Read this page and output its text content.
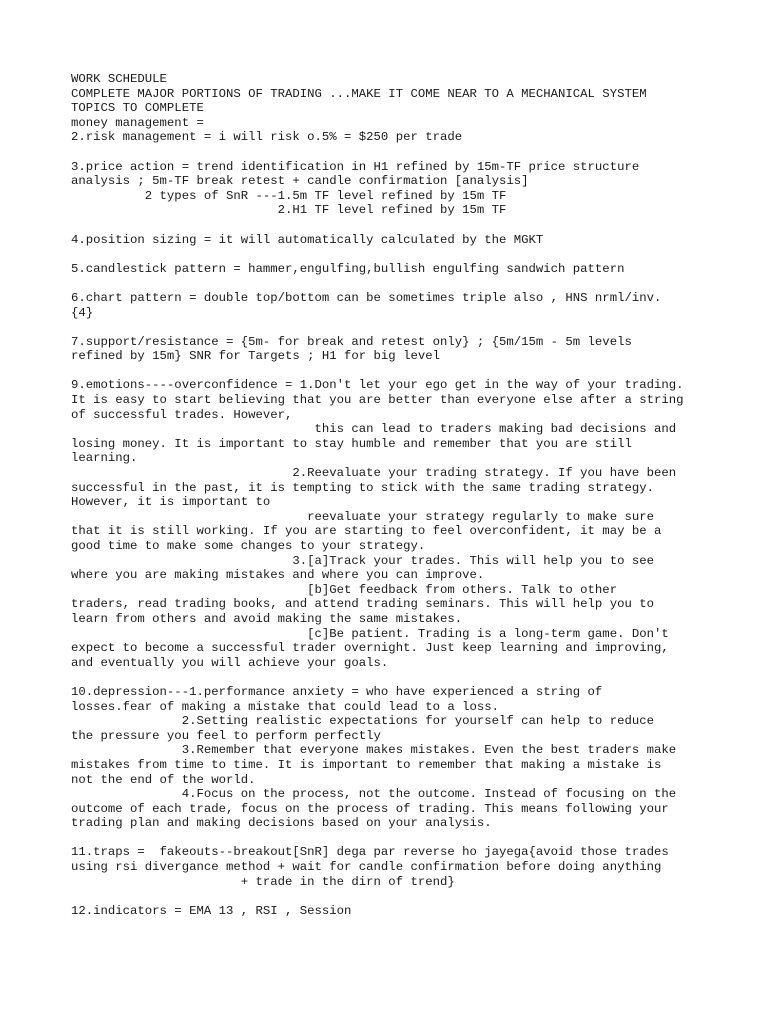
WORK SCHEDULE
COMPLETE MAJOR PORTIONS OF TRADING ...MAKE IT COME NEAR TO A MECHANICAL SYSTEM
TOPICS TO COMPLETE
money management =
2.risk management = i will risk o.5% = $250 per trade
3.price action = trend identification in H1 refined by 15m-TF price structure
analysis ; 5m-TF break retest + candle confirmation [analysis]
2 types of SnR ---1.5m TF level refined by 15m TF
2.H1 TF level refined by 15m TF
4.position sizing = it will automatically calculated by the MGKT
5.candlestick pattern = hammer,engulfing,bullish engulfing sandwich pattern
6.chart pattern = double top/bottom can be sometimes triple also , HNS nrml/inv.
{4}
7.support/resistance = {5m- for break and retest only} ; {5m/15m - 5m levels
refined by 15m} SNR for Targets ; H1 for big level
9.emotions----overconfidence = 1.Don't let your ego get in the way of your trading.
It is easy to start believing that you are better than everyone else after a string
of successful trades. However,
this can lead to traders making bad decisions and
losing money. It is important to stay humble and remember that you are still
learning.
2.Reevaluate your trading strategy. If you have been
successful in the past, it is tempting to stick with the same trading strategy.
However, it is important to
reevaluate your strategy regularly to make sure
that it is still working. If you are starting to feel overconfident, it may be a
good time to make some changes to your strategy.
3.[a]Track your trades. This will help you to see
where you are making mistakes and where you can improve.
[b]Get feedback from others. Talk to other
traders, read trading books, and attend trading seminars. This will help you to
learn from others and avoid making the same mistakes.
[c]Be patient. Trading is a long-term game. Don't
expect to become a successful trader overnight. Just keep learning and improving,
and eventually you will achieve your goals.
10.depression---1.performance anxiety = who have experienced a string of
losses.fear of making a mistake that could lead to a loss.
2.Setting realistic expectations for yourself can help to reduce
the pressure you feel to perform perfectly
3.Remember that everyone makes mistakes. Even the best traders make
mistakes from time to time. It is important to remember that making a mistake is
not the end of the world.
4.Focus on the process, not the outcome. Instead of focusing on the
outcome of each trade, focus on the process of trading. This means following your
trading plan and making decisions based on your analysis.
11.traps =  fakeouts--breakout[SnR] dega par reverse ho jayega{avoid those trades
using rsi divergance method + wait for candle confirmation before doing anything
+ trade in the dirn of trend}
12.indicators = EMA 13 , RSI , Session
